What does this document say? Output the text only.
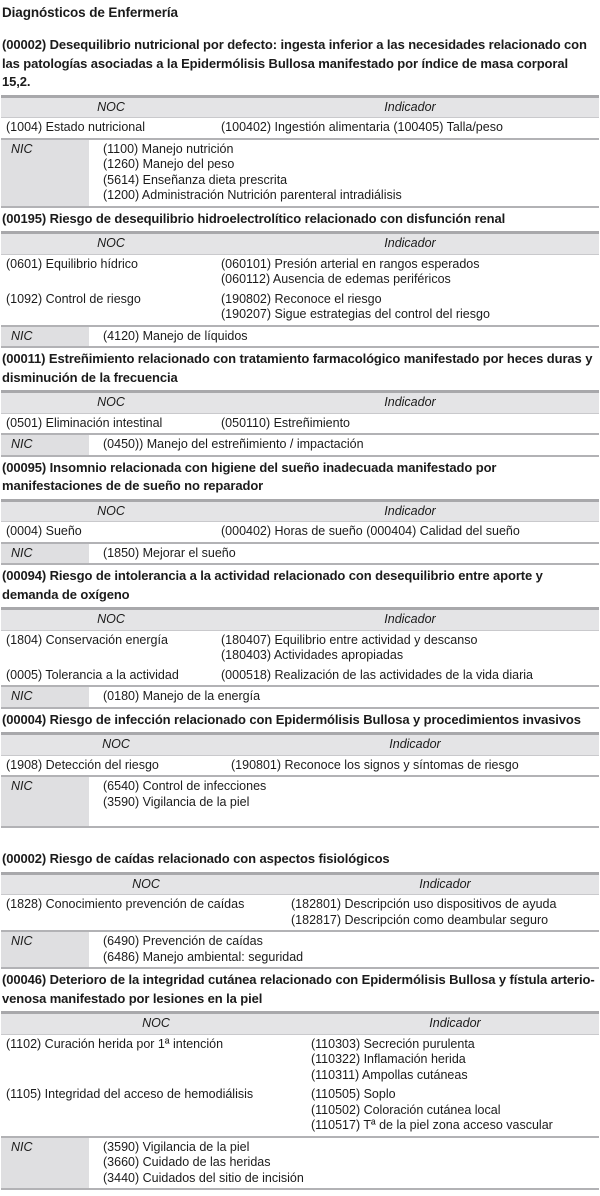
Diagnósticos de Enfermería

(00002) Desequilibrio nutricional por defecto: ingesta inferior a las necesidades relacionado con las patologías asociadas a la Epidermólisis Bullosa manifestado por índice de masa corporal 15,2.

NOC	Indicador
(1004) Estado nutricional	(100402) Ingestión alimentaria (100405) Talla/peso
NIC	(1100) Manejo nutrición
(1260) Manejo del peso
(5614) Enseñanza dieta prescrita
(1200) Administración Nutrición parenteral intradiálisis

(00195) Riesgo de desequilibrio hidroelectrolítico relacionado con disfunción renal

NOC	Indicador
(0601) Equilibrio hídrico	(060101) Presión arterial en rangos esperados
(060112) Ausencia de edemas periféricos
(1092) Control de riesgo	(190802) Reconoce el riesgo
(190207) Sigue estrategias del control del riesgo
NIC	(4120) Manejo de líquidos

(00011) Estreñimiento relacionado con tratamiento farmacológico manifestado por heces duras y disminución de la frecuencia

NOC	Indicador
(0501) Eliminación intestinal	(050110) Estreñimiento
NIC	(0450)) Manejo del estreñimiento / impactación

(00095) Insomnio relacionada con higiene del sueño inadecuada manifestado por manifestaciones de de sueño no reparador

NOC	Indicador
(0004) Sueño	(000402) Horas de sueño (000404) Calidad del sueño
NIC	(1850) Mejorar el sueño

(00094) Riesgo de intolerancia a la actividad relacionado con desequilibrio entre aporte y demanda de oxígeno

NOC	Indicador
(1804) Conservación energía	(180407) Equilibrio entre actividad y descanso
(180403) Actividades apropiadas
(0005) Tolerancia a la actividad	(000518) Realización de las actividades de la vida diaria
NIC	(0180) Manejo de la energía

(00004) Riesgo de infección relacionado con Epidermólisis Bullosa y procedimientos invasivos

NOC	Indicador
(1908) Detección del riesgo	(190801) Reconoce los signos y síntomas de riesgo
NIC	(6540) Control de infecciones
(3590) Vigilancia de la piel

(00002) Riesgo de caídas relacionado con aspectos fisiológicos

NOC	Indicador
(1828) Conocimiento prevención de caídas	(182801) Descripción uso dispositivos de ayuda
(182817) Descripción como deambular seguro
NIC	(6490) Prevención de caídas
(6486) Manejo ambiental: seguridad

(00046) Deterioro de la integridad cutánea relacionado con Epidermólisis Bullosa y fístula arterio-venosa manifestado por lesiones en la piel

NOC	Indicador
(1102) Curación herida por 1ª intención	(110303) Secreción purulenta
(110322) Inflamación herida
(110311) Ampollas cutáneas
(1105) Integridad del acceso de hemodiálisis	(110505) Soplo
(110502) Coloración cutánea local
(110517) Tª de la piel zona acceso vascular
NIC	(3590) Vigilancia de la piel
(3660) Cuidado de las heridas
(3440) Cuidados del sitio de incisión
